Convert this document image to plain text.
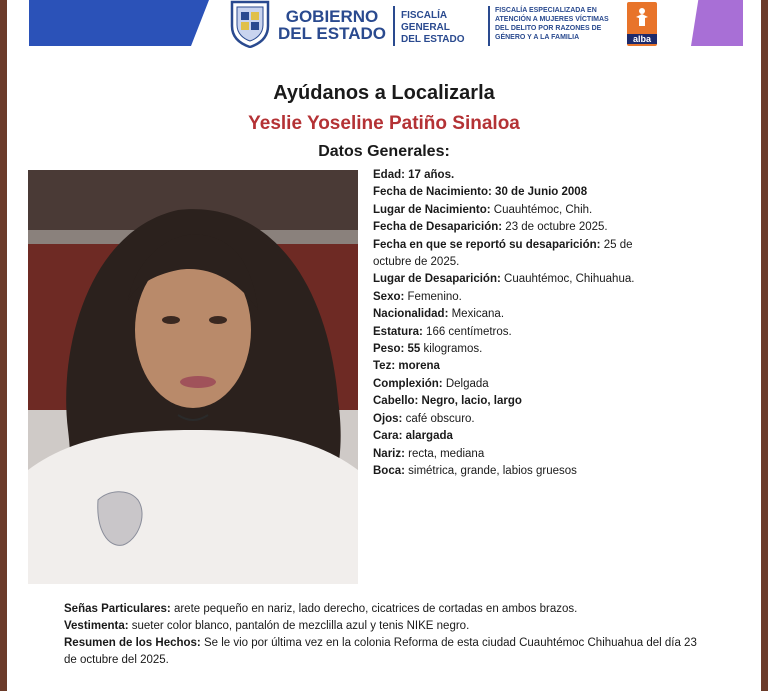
GOBIERNO
DEL ESTADO
FISCALÍA GENERAL
DEL ESTADO
FISCALÍA ESPECIALIZADA EN ATENCIÓN A MUJERES VÍCTIMAS DEL DELITO POR RAZONES DE GÉNERO Y A LA FAMILIA	alba
Ayúdanos a Localizarla
Yeslie Yoseline Patiño Sinaloa
Datos Generales:
Edad: 17 años.
Fecha de Nacimiento: 30 de Junio 2008
Lugar de Nacimiento: Cuauhtémoc, Chih.
Fecha de Desaparición: 23 de octubre 2025.
Fecha en que se reportó su desaparición: 25 de octubre de 2025.
Lugar de Desaparición: Cuauhtémoc, Chihuahua.
Sexo: Femenino.
Nacionalidad: Mexicana.
Estatura: 166 centímetros.
Peso: 55 kilogramos.
Tez: morena
Complexión: Delgada
Cabello: Negro, lacio, largo
Ojos: café obscuro.
Cara: alargada
Nariz: recta, mediana
Boca: simétrica, grande, labios gruesos
Señas Particulares: arete pequeño en nariz, lado derecho, cicatrices de cortadas en ambos brazos.
Vestimenta: sueter color blanco, pantalón de mezclilla azul y tenis NIKE negro.
Resumen de los Hechos: Se le vio por última vez en la colonia Reforma de esta ciudad Cuauhtémoc Chihuahua del día 23 de octubre del 2025.
